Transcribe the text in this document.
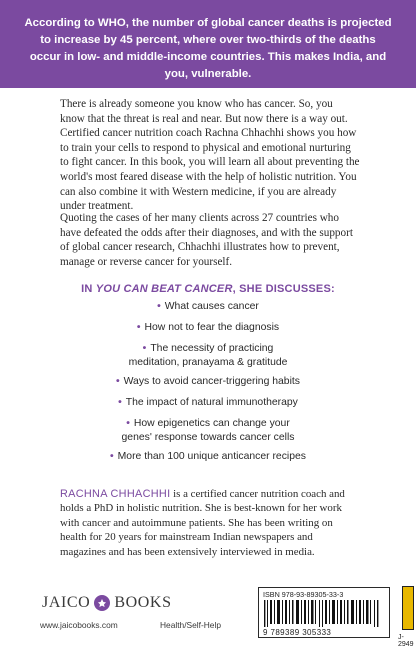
According to WHO, the number of global cancer deaths is projected to increase by 45 percent, where over two-thirds of the deaths occur in low- and middle-income countries. This makes India, and you, vulnerable.

There is already someone you know who has cancer. So, you know that the threat is real and near. But now there is a way out. Certified cancer nutrition coach Rachna Chhachhi shows you how to train your cells to respond to physical and emotional nurturing to fight cancer. In this book, you will learn all about preventing the world's most feared disease with the help of holistic nutrition. You can also combine it with Western medicine, if you are already under treatment.

Quoting the cases of her many clients across 27 countries who have defeated the odds after their diagnoses, and with the support of global cancer research, Chhachhi illustrates how to prevent, manage or reverse cancer for yourself.

IN YOU CAN BEAT CANCER, SHE DISCUSSES:
• What causes cancer
• How not to fear the diagnosis
• The necessity of practicing
meditation, pranayama & gratitude
• Ways to avoid cancer-triggering habits
• The impact of natural immunotherapy
• How epigenetics can change your
genes' response towards cancer cells
• More than 100 unique anticancer recipes

RACHNA CHHACHHI is a certified cancer nutrition coach and holds a PhD in holistic nutrition. She is best-known for her work with cancer and autoimmune patients. She has been writing on health for 20 years for mainstream Indian newspapers and magazines and has been extensively interviewed in media.

JAICO BOOKS
www.jaicobooks.com	Health/Self-Help
ISBN 978-93-89305-33-3
9 789389 305333
J-2949
